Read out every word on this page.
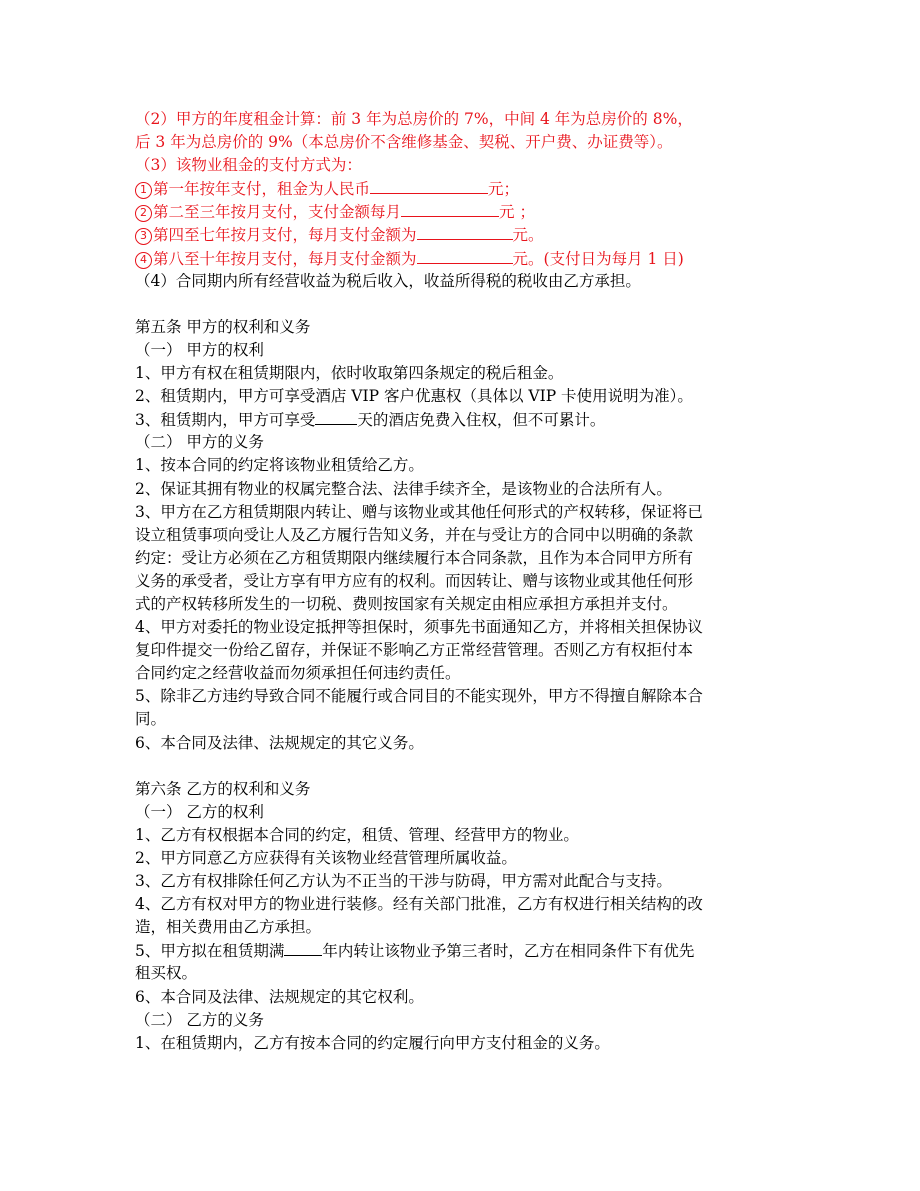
（2）甲方的年度租金计算：前 3 年为总房价的 7%，中间 4 年为总房价的 8%，
后 3 年为总房价的 9%（本总房价不含维修基金、契税、开户费、办证费等）。
（3）该物业租金的支付方式为：
1 第一年按年支付，租金为人民币	元；
2 第二至三年按月支付，支付金额每月	元 ；
3 第四至七年按月支付，每月支付金额为	元。
4 第八至十年按月支付，每月支付金额为	元。(支付日为每月 1 日)
（4）合同期内所有经营收益为税后收入，收益所得税的税收由乙方承担。
第五条 甲方的权利和义务
（一） 甲方的权利
1、甲方有权在租赁期限内，依时收取第四条规定的税后租金。
2、租赁期内，甲方可享受酒店 VIP 客户优惠权（具体以 VIP 卡使用说明为准）。
3、租赁期内，甲方可享受	天的酒店免费入住权，但不可累计。
（二） 甲方的义务
1、按本合同的约定将该物业租赁给乙方。
2、保证其拥有物业的权属完整合法、法律手续齐全，是该物业的合法所有人。
3、甲方在乙方租赁期限内转让、赠与该物业或其他任何形式的产权转移，保证将已
设立租赁事项向受让人及乙方履行告知义务，并在与受让方的合同中以明确的条款
约定：受让方必须在乙方租赁期限内继续履行本合同条款，且作为本合同甲方所有
义务的承受者，受让方享有甲方应有的权利。而因转让、赠与该物业或其他任何形
式的产权转移所发生的一切税、费则按国家有关规定由相应承担方承担并支付。
4、甲方对委托的物业设定抵押等担保时，须事先书面通知乙方，并将相关担保协议
复印件提交一份给乙留存，并保证不影响乙方正常经营管理。否则乙方有权拒付本
合同约定之经营收益而勿须承担任何违约责任。
5、除非乙方违约导致合同不能履行或合同目的不能实现外，甲方不得擅自解除本合
同。
6、本合同及法律、法规规定的其它义务。
第六条 乙方的权利和义务
（一） 乙方的权利
1、乙方有权根据本合同的约定，租赁、管理、经营甲方的物业。
2、甲方同意乙方应获得有关该物业经营管理所属收益。
3、乙方有权排除任何乙方认为不正当的干涉与防碍，甲方需对此配合与支持。
4、乙方有权对甲方的物业进行装修。经有关部门批准，乙方有权进行相关结构的改
造，相关费用由乙方承担。
5、甲方拟在租赁期满 年内转让该物业予第三者时，乙方在相同条件下有优先
租买权。
6、本合同及法律、法规规定的其它权利。
（二） 乙方的义务
1、在租赁期内，乙方有按本合同的约定履行向甲方支付租金的义务。
